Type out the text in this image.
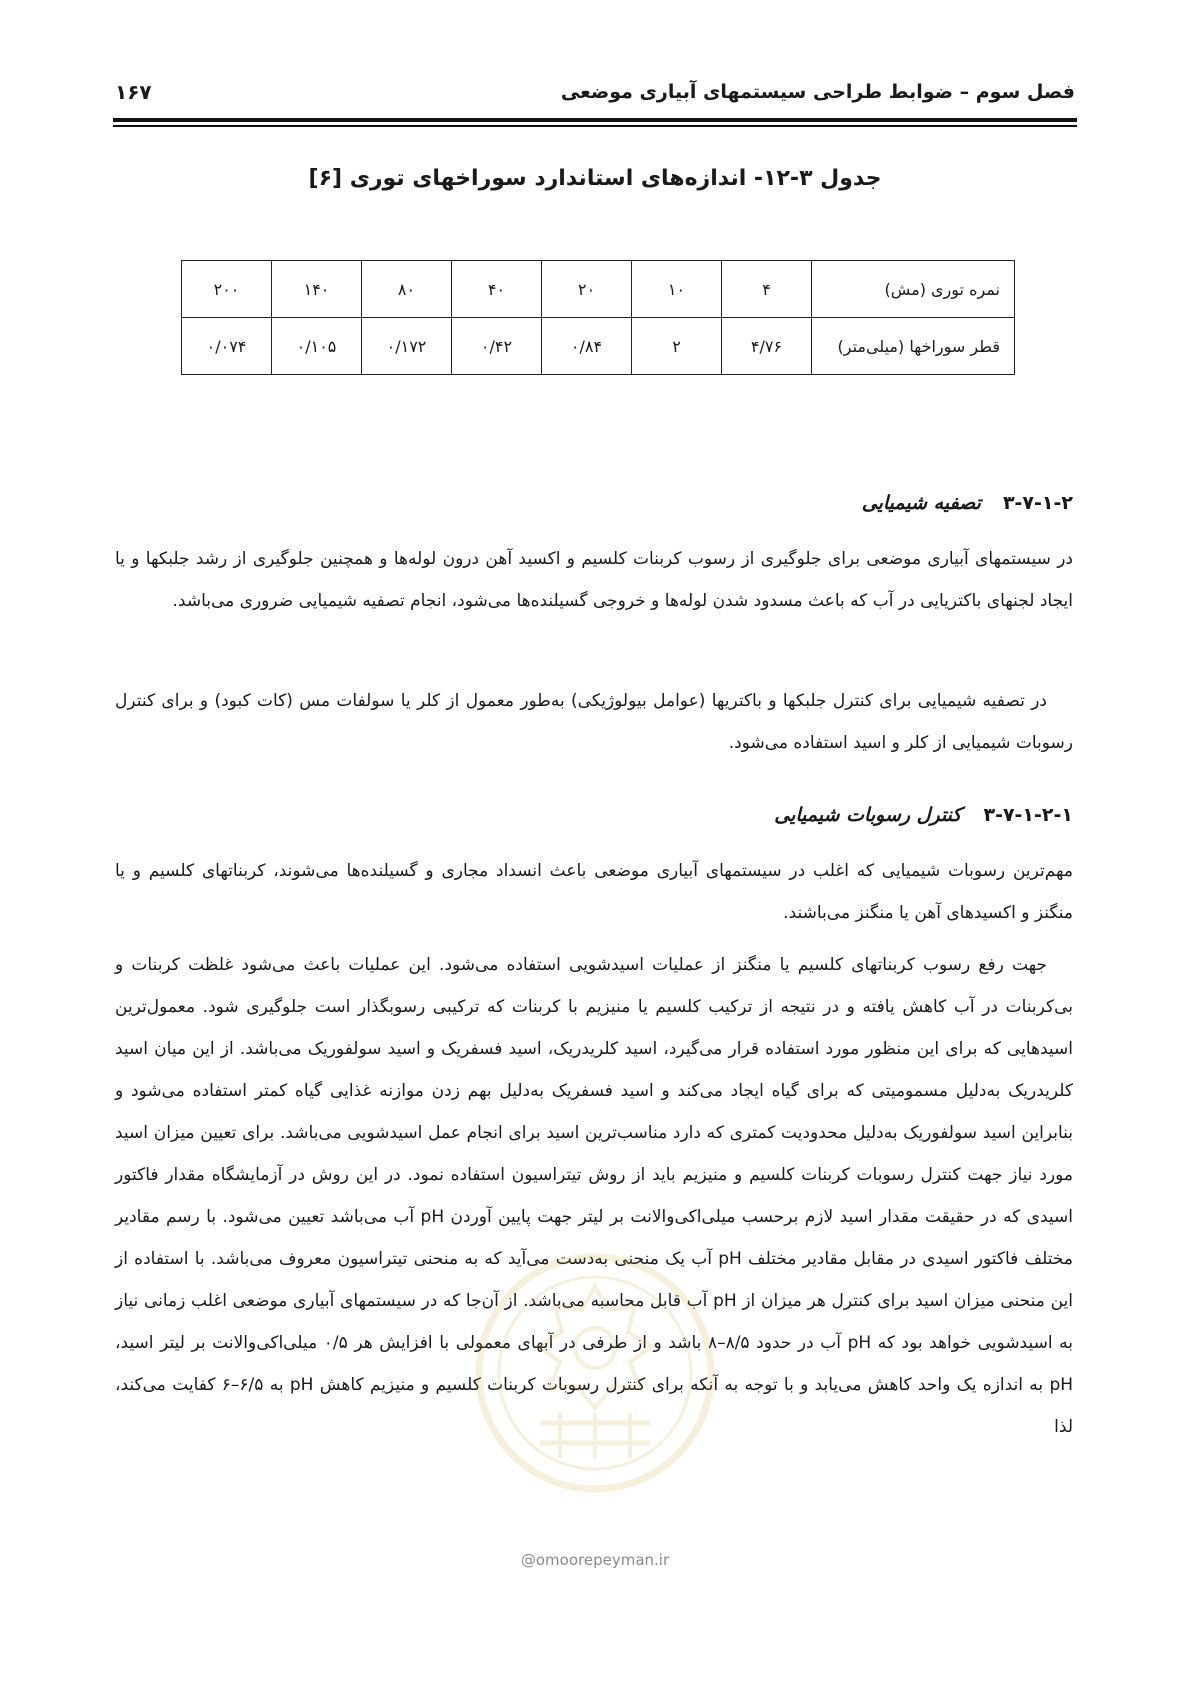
فصل سوم – ضوابط طراحی سیستمهای آبیاری موضعی
۱۶۷
جدول ۳-۱۲- اندازه‌های استاندارد سوراخهای توری [۶]
نمره توری (مش)	۴	۱۰	۲۰	۴۰	۸۰	۱۴۰	۲۰۰
قطر سوراخها (میلی‌متر)	۴/۷۶	۲	۰/۸۴	۰/۴۲	۰/۱۷۲	۰/۱۰۵	۰/۰۷۴
۳-۷-۱-۲
تصفیه شیمیایی

در سیستمهای آبیاری موضعی برای جلوگیری از رسوب کربنات کلسیم و اکسید آهن درون لوله‌ها و همچنین جلوگیری از رشد جلبکها و یا ایجاد لجنهای باکتریایی در آب که باعث مسدود شدن لوله‌ها و خروجی گسیلنده‌ها می‌شود، انجام تصفیه شیمیایی ضروری می‌باشد.

در تصفیه شیمیایی برای کنترل جلبکها و باکتریها (عوامل بیولوژیکی) به‌طور معمول از کلر یا سولفات مس (کات کبود) و برای کنترل رسوبات شیمیایی از کلر و اسید استفاده می‌شود.

۳-۷-۱-۲-۱
کنترل رسوبات شیمیایی

مهم‌ترین رسوبات شیمیایی که اغلب در سیستمهای آبیاری موضعی باعث انسداد مجاری و گسیلنده‌ها می‌شوند، کربناتهای کلسیم و یا منگنز و اکسیدهای آهن یا منگنز می‌باشند.

جهت رفع رسوب کربناتهای کلسیم یا منگنز از عملیات اسیدشویی استفاده می‌شود. این عملیات باعث می‌شود غلظت کربنات و بی‌کربنات در آب کاهش یافته و در نتیجه از ترکیب کلسیم یا منیزیم با کربنات که ترکیبی رسوبگذار است جلوگیری شود. معمول‌ترین اسیدهایی که برای این منظور مورد استفاده قرار می‌گیرد، اسید کلریدریک، اسید فسفریک و اسید سولفوریک می‌باشد. از این میان اسید کلریدریک به‌دلیل مسمومیتی که برای گیاه ایجاد می‌کند و اسید فسفریک به‌دلیل بهم زدن موازنه غذایی گیاه کمتر استفاده می‌شود و بنابراین اسید سولفوریک به‌دلیل محدودیت کمتری که دارد مناسب‌ترین اسید برای انجام عمل اسیدشویی می‌باشد. برای تعیین میزان اسید مورد نیاز جهت کنترل رسوبات کربنات کلسیم و منیزیم باید از روش تیتراسیون استفاده نمود. در این روش در آزمایشگاه مقدار فاکتور اسیدی که در حقیقت مقدار اسید لازم برحسب میلی‌اکی‌والانت بر لیتر جهت پایین آوردن pH آب می‌باشد تعیین می‌شود. با رسم مقادیر مختلف فاکتور اسیدی در مقابل مقادیر مختلف pH آب یک منحنی به‌دست می‌آید که به منحنی تیتراسیون معروف می‌باشد. با استفاده از این منحنی میزان اسید برای کنترل هر میزان از pH آب قابل محاسبه می‌باشد. از آن‌جا که در سیستمهای آبیاری موضعی اغلب زمانی نیاز به اسیدشویی خواهد بود که pH آب در حدود ۸/۵–۸ باشد و از طرفی در آبهای معمولی با افزایش هر ۰/۵ میلی‌اکی‌والانت بر لیتر اسید، pH به اندازه یک واحد کاهش می‌یابد و با توجه به آنکه برای کنترل رسوبات کربنات کلسیم و منیزیم کاهش pH به ۶/۵–۶ کفایت می‌کند، لذا

@omoorepeyman.ir
